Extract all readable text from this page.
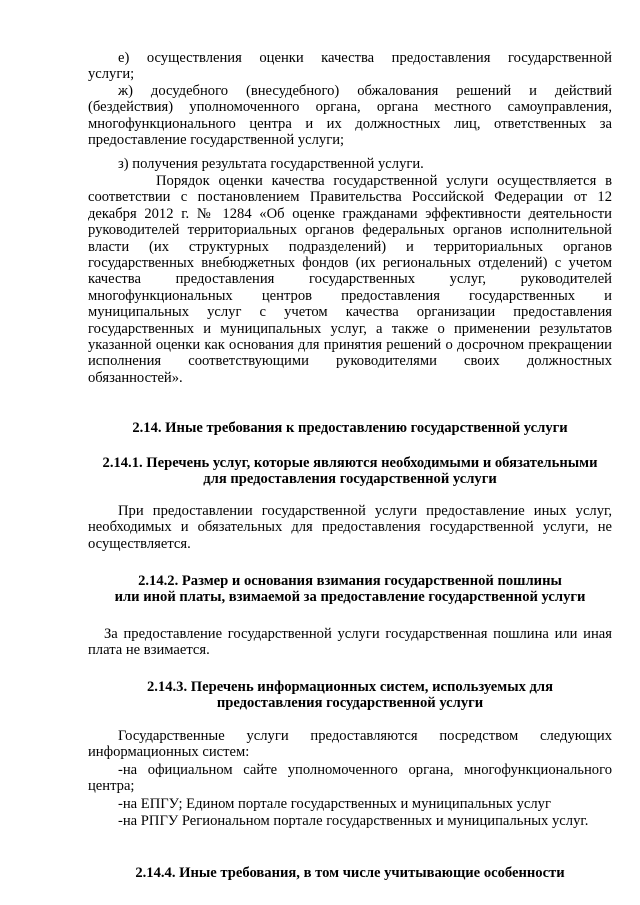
е) осуществления оценки качества предоставления государственной
услуги;
ж) досудебного (внесудебного) обжалования решений и действий (бездействия) уполномоченного органа, органа местного самоуправления, многофункционального центра и их должностных лиц, ответственных за предоставление государственной услуги;
з) получения результата государственной услуги.
Порядок оценки качества государственной услуги осуществляется в соответствии с постановлением Правительства Российской Федерации от 12 декабря 2012 г. № 1284 «Об оценке гражданами эффективности деятельности руководителей территориальных органов федеральных органов исполнительной власти (их структурных подразделений) и территориальных органов государственных внебюджетных фондов (их региональных отделений) с учетом качества предоставления государственных услуг, руководителей многофункциональных центров предоставления государственных и муниципальных услуг с учетом качества организации предоставления государственных и муниципальных услуг, а также о применении результатов указанной оценки как основания для принятия решений о досрочном прекращении исполнения соответствующими руководителями своих должностных обязанностей».
2.14. Иные требования к предоставлению государственной услуги
2.14.1. Перечень услуг, которые являются необходимыми и обязательными
для предоставления государственной услуги
При предоставлении государственной услуги предоставление иных услуг, необходимых и обязательных для предоставления государственной услуги, не осуществляется.
2.14.2. Размер и основания взимания государственной пошлины
или иной платы, взимаемой за предоставление государственной услуги
За предоставление государственной услуги государственная пошлина или иная плата не взимается.
2.14.3. Перечень информационных систем, используемых для
предоставления государственной услуги
Государственные услуги предоставляются посредством следующих информационных систем:
-на официальном сайте уполномоченного органа, многофункционального центра;
-на ЕПГУ; Едином портале государственных и муниципальных услуг
-на РПГУ Региональном портале государственных и муниципальных услуг.
2.14.4. Иные требования, в том числе учитывающие особенности
